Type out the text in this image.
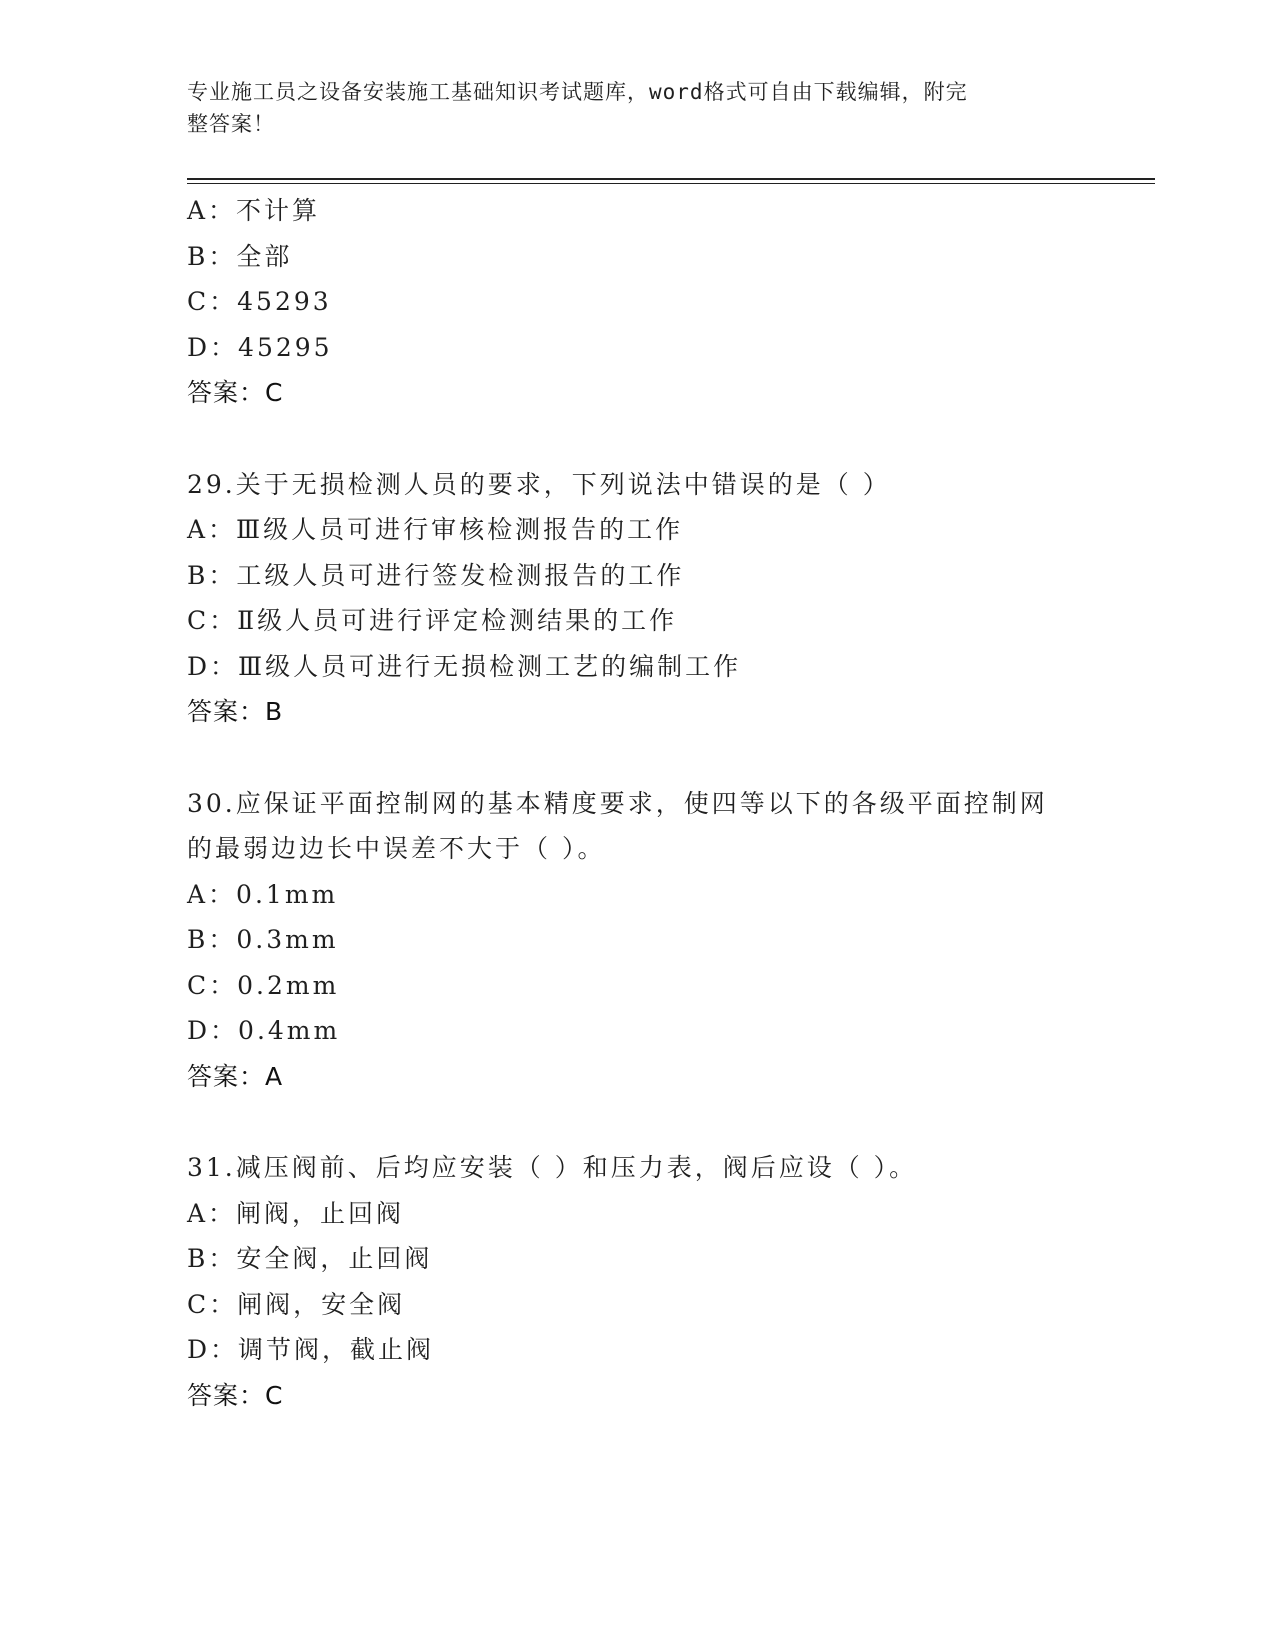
专业施工员之设备安装施工基础知识考试题库，word格式可自由下载编辑，附完
整答案！
A：不计算
B：全部
C：45293
D：45295
答案：C
29.关于无损检测人员的要求，下列说法中错误的是（ ）
A：Ⅲ级人员可进行审核检测报告的工作
B：工级人员可进行签发检测报告的工作
C：Ⅱ级人员可进行评定检测结果的工作
D：Ⅲ级人员可进行无损检测工艺的编制工作
答案：B
30.应保证平面控制网的基本精度要求，使四等以下的各级平面控制网
的最弱边边长中误差不大于（ ）。
A：0.1mm
B：0.3mm
C：0.2mm
D：0.4mm
答案：A
31.减压阀前、后均应安装（ ）和压力表，阀后应设（ ）。
A：闸阀，止回阀
B：安全阀，止回阀
C：闸阀，安全阀
D：调节阀，截止阀
答案：C
